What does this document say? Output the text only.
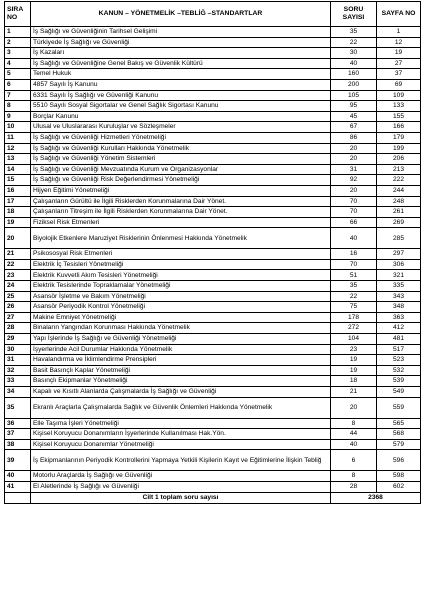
SIRA NO	KANUN – YÖNETMELİK –TEBLİĞ –STANDARTLAR	SORU SAYISI	SAYFA NO
1	İş Sağlığı ve Güvenliğinin Tarihsel Gelişimi	35	1
2	Türkiyede İş Sağlığı ve Güvenliği	22	12
3	İş Kazaları	30	19
4	İş Sağlığı ve Güvenliğine Genel Bakış ve Güvenlik Kültürü	40	27
5	Temel Hukuk	160	37
6	4857 Sayılı İş Kanunu	200	69
7	6331 Sayılı İş Sağlığı ve Güvenliği Kanunu	105	109
8	5510 Sayılı Sosyal Sigortalar ve Genel Sağlık Sigortası Kanunu	95	133
9	Borçlar Kanunu	45	155
10	Ulusal ve Uluslararası Kuruluşlar ve Sözleşmeler	67	166
11	İş Sağlığı ve Güvenliği Hizmetleri Yönetmeliği	86	179
12	İş Sağlığı ve Güvenliği Kurulları Hakkında Yönetmelik	20	199
13	İş Sağlığı ve Güvenliği Yönetim Sistemleri	20	206
14	İş Sağlığı ve Güvenliği Mevzuatında Kurum ve Organizasyonlar	31	213
15	İş Sağlığı ve Güvenliği Risk Değerlendirmesi Yönetmeliği	92	222
16	Hijyen Eğitimi Yönetmeliği	20	244
17	Çalışanların Gürültü ile İlgili Risklerden Korunmalarına Dair Yönet.	70	248
18	Çalışanların Titreşim ile İlgili Risklerden Korunmalarına Dair Yönet.	70	261
19	Fiziksel Risk Etmenleri	66	269
20	Biyolojik Etkenlere Maruziyet Risklerinin Önlenmesi Hakkında Yönetmelik	40	285
21	Psikososyal Risk Etmenleri	16	297
22	Elektrik İç Tesisleri Yönetmeliği	70	306
23	Elektrik Kuvvetli Akım Tesisleri Yönetmeliği	51	321
24	Elektrik Tesislerinde Topraklamalar Yönetmeliği	35	335
25	Asansör İşletme ve Bakım Yönetmeliği	22	343
26	Asansör Periyodik Kontrol Yönetmeliği	75	348
27	Makine Emniyet Yönetmeliği	178	363
28	Binaların Yangından Korunması Hakkında Yönetmelik	272	412
29	Yapı İşlerinde İş Sağlığı ve Güvenliği Yönetmeliği	104	481
30	İşyerlerinde Acil Durumlar Hakkında Yönetmelik	23	517
31	Havalandırma ve İklimlendirme Prensipleri	19	523
32	Basit Basınçlı Kaplar Yönetmeliği	19	532
33	Basınçlı Ekipmanlar Yönetmeliği	18	539
34	Kapalı ve Kısıtlı Alanlarda Çalışmalarda İş Sağlığı ve Güvenliği	21	549
35	Ekranlı Araçlarla Çalışmalarda Sağlık ve Güvenlik Önlemleri Hakkında Yönetmelik	20	559
36	Elle Taşıma İşleri Yönetmeliği	8	565
37	Kişisel Koruyucu Donanımların İşyerlerinde Kullanılması Hak.Yön.	44	568
38	Kişisel Koruyucu Donanımlar Yönetmeliği	40	579
39	İş Ekipmanlarının Periyodik Kontrollerini Yapmaya Yetkili Kişilerin Kayıt ve Eğitimlerine İlişkin Tebliğ	6	596
40	Motorlu Araçlarda İş Sağlığı ve Güvenliği	8	598
41	El Aletlerinde İş Sağlığı ve Güvenliği	28	602
	Cilt 1 toplam soru sayısı	2368	
